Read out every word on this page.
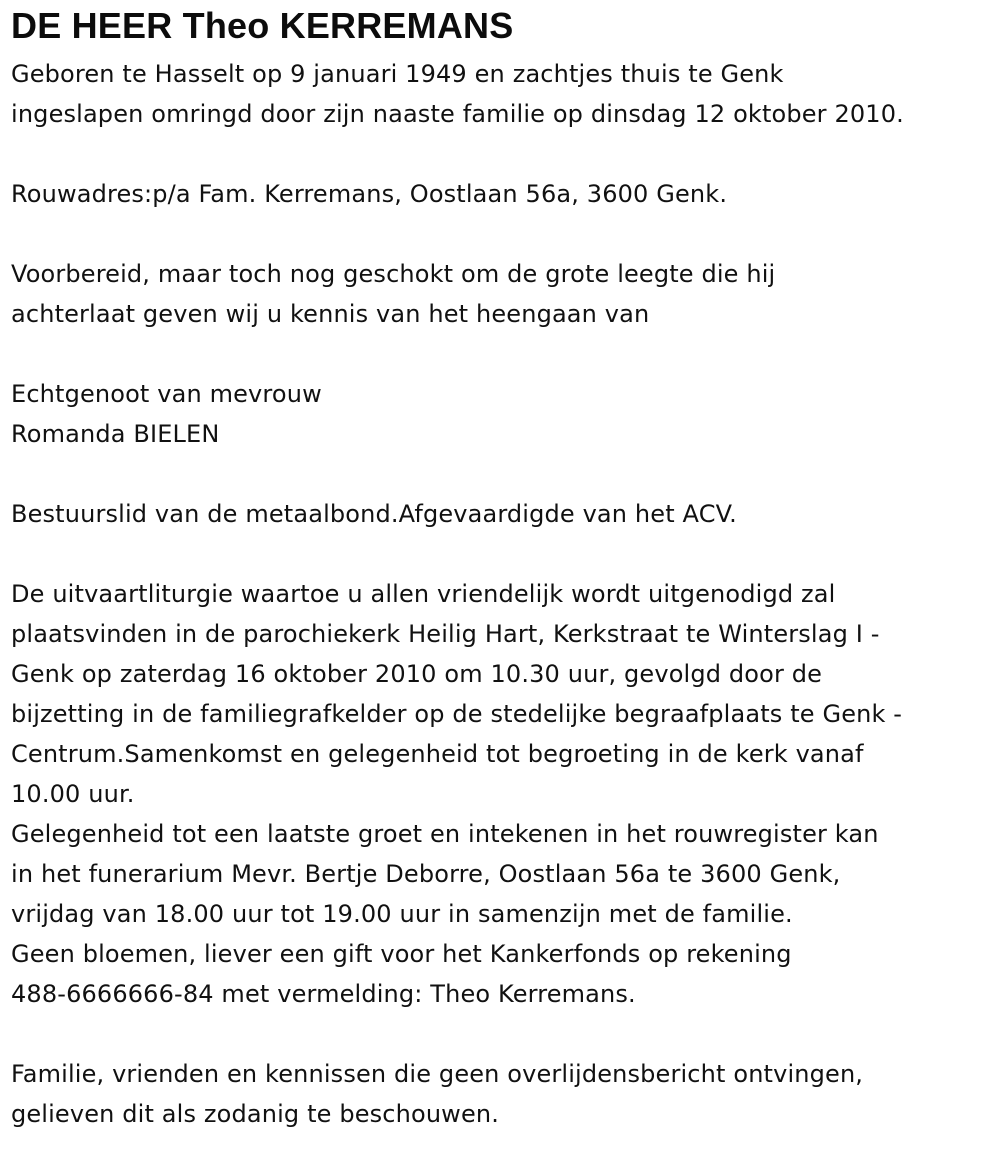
DE HEER Theo KERREMANS

Geboren te Hasselt op 9 januari 1949 en zachtjes thuis te Genk
ingeslapen omringd door zijn naaste familie op dinsdag 12 oktober 2010.

Rouwadres:p/a Fam. Kerremans, Oostlaan 56a, 3600 Genk.

Voorbereid, maar toch nog geschokt om de grote leegte die hij
achterlaat geven wij u kennis van het heengaan van

Echtgenoot van mevrouw
Romanda BIELEN

Bestuurslid van de metaalbond.Afgevaardigde van het ACV.

De uitvaartliturgie waartoe u allen vriendelijk wordt uitgenodigd zal
plaatsvinden in de parochiekerk Heilig Hart, Kerkstraat te Winterslag I -
Genk op zaterdag 16 oktober 2010 om 10.30 uur, gevolgd door de
bijzetting in de familiegrafkelder op de stedelijke begraafplaats te Genk -
Centrum.Samenkomst en gelegenheid tot begroeting in de kerk vanaf
10.00 uur.
Gelegenheid tot een laatste groet en intekenen in het rouwregister kan
in het funerarium Mevr. Bertje Deborre, Oostlaan 56a te 3600 Genk,
vrijdag van 18.00 uur tot 19.00 uur in samenzijn met de familie.
Geen bloemen, liever een gift voor het Kankerfonds op rekening
488-6666666-84 met vermelding: Theo Kerremans.

Familie, vrienden en kennissen die geen overlijdensbericht ontvingen,
gelieven dit als zodanig te beschouwen.
